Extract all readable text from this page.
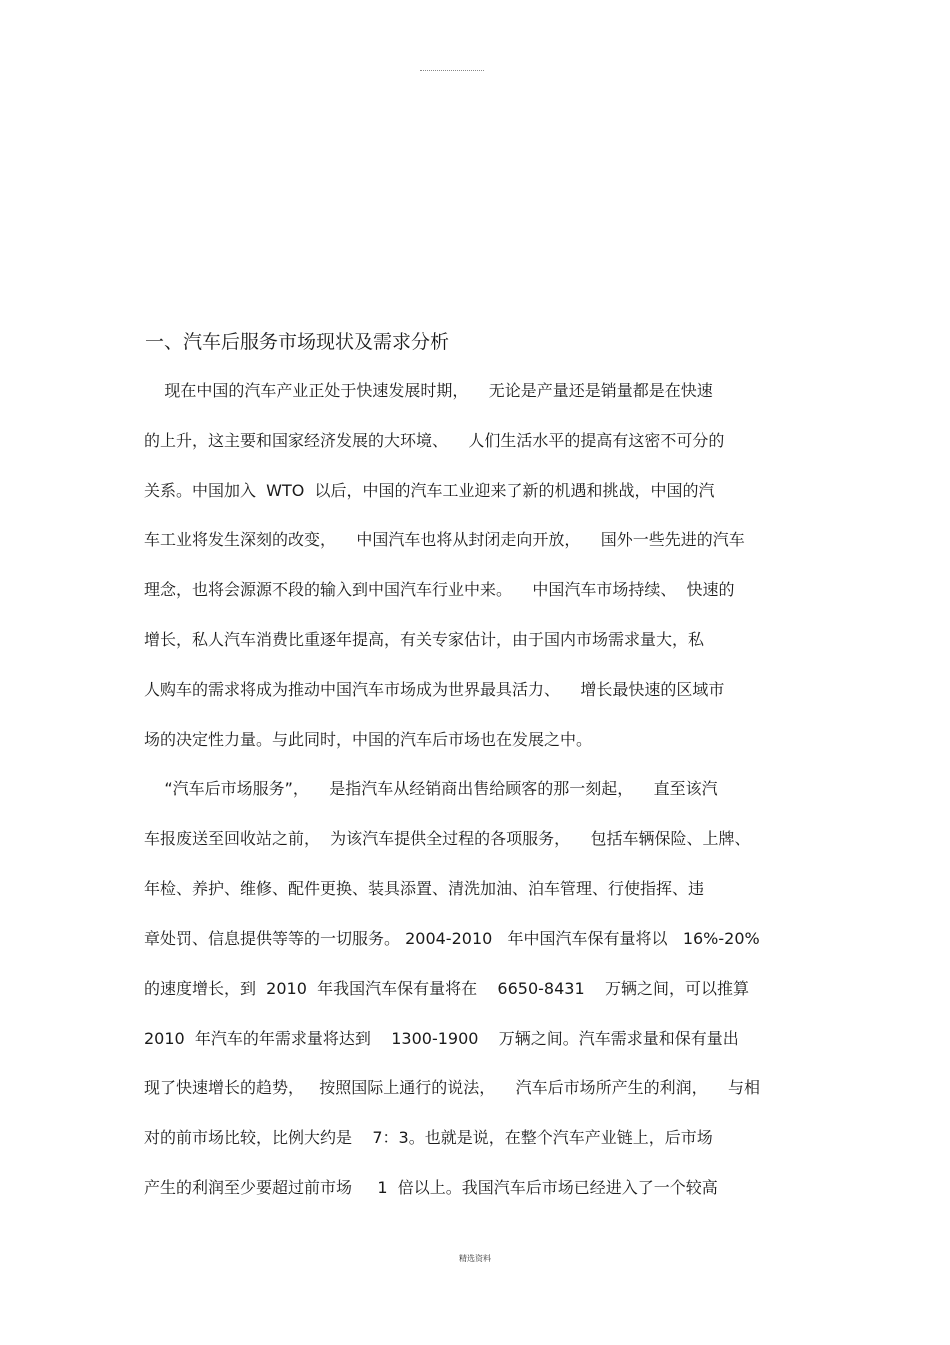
一、汽车后服务市场现状及需求分析
现在中国的汽车产业正处于快速发展时期，    无论是产量还是销量都是在快速
的上升，这主要和国家经济发展的大环境、    人们生活水平的提高有这密不可分的
关系。中国加入  WTO  以后，中国的汽车工业迎来了新的机遇和挑战，中国的汽
车工业将发生深刻的改变，    中国汽车也将从封闭走向开放，    国外一些先进的汽车
理念，也将会源源不段的输入到中国汽车行业中来。    中国汽车市场持续、  快速的
增长，私人汽车消费比重逐年提高，有关专家估计，由于国内市场需求量大，私
人购车的需求将成为推动中国汽车市场成为世界最具活力、    增长最快速的区域市
场的决定性力量。与此同时，中国的汽车后市场也在发展之中。
“汽车后市场服务”，    是指汽车从经销商出售给顾客的那一刻起，    直至该汽
车报废送至回收站之前，  为该汽车提供全过程的各项服务，    包括车辆保险、上牌、
年检、养护、维修、配件更换、装具添置、清洗加油、泊车管理、行使指挥、违
章处罚、信息提供等等的一切服务。 2004-2010   年中国汽车保有量将以   16%-20%
的速度增长，到  2010  年我国汽车保有量将在    6650-8431    万辆之间，可以推算
2010  年汽车的年需求量将达到    1300-1900    万辆之间。汽车需求量和保有量出
现了快速增长的趋势，   按照国际上通行的说法，    汽车后市场所产生的利润，    与相
对的前市场比较，比例大约是    7：3。也就是说，在整个汽车产业链上，后市场
产生的利润至少要超过前市场     1  倍以上。我国汽车后市场已经进入了一个较高
精选资料
